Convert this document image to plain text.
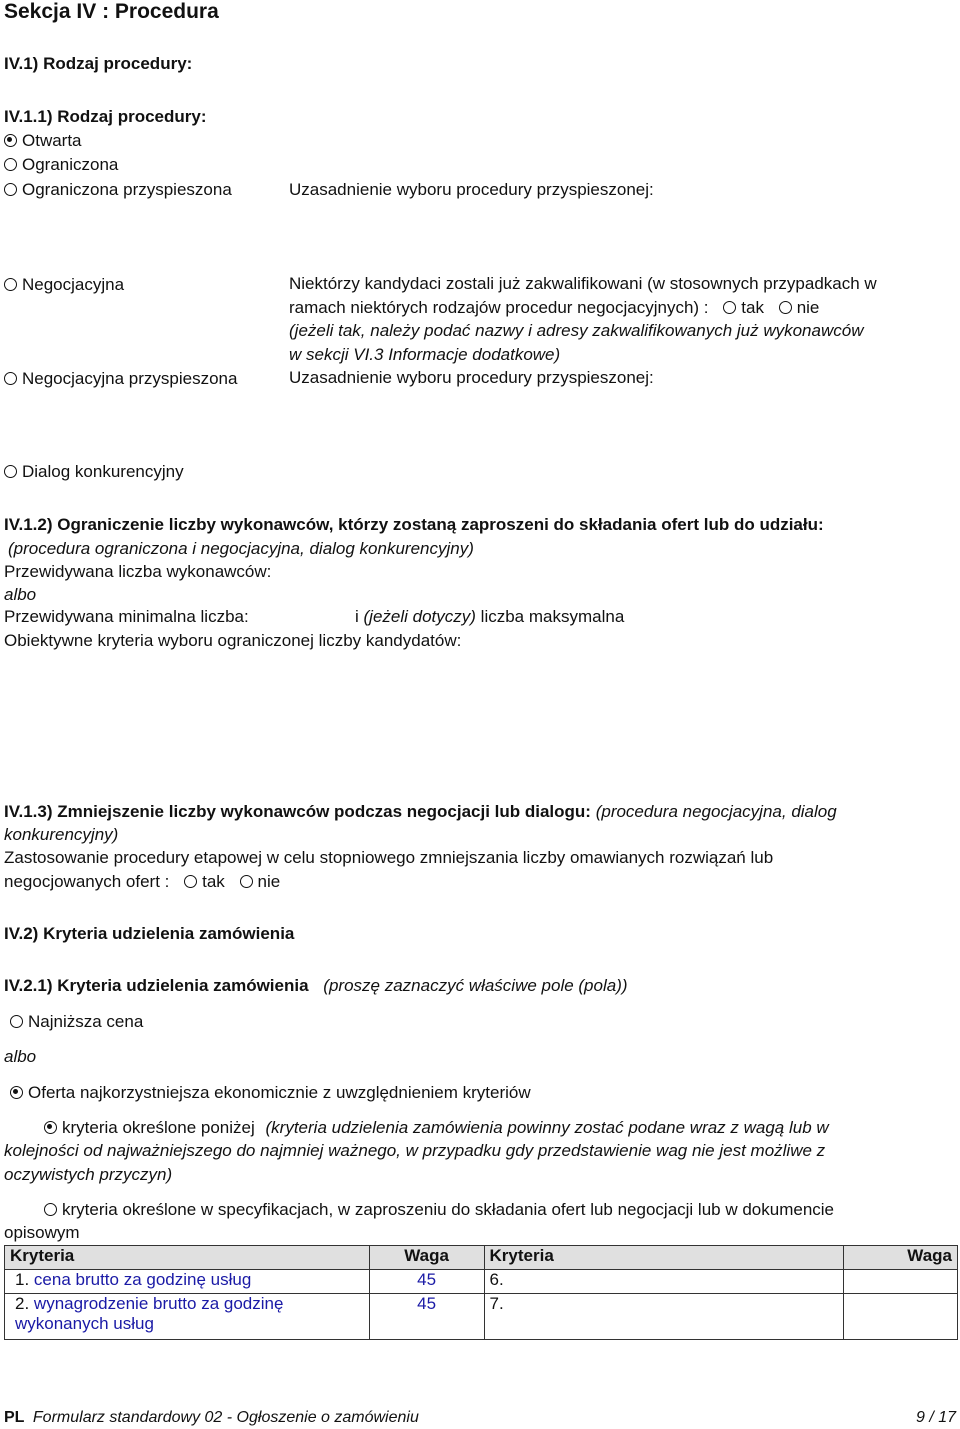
Sekcja IV : Procedura
IV.1) Rodzaj procedury:
IV.1.1) Rodzaj procedury:
Otwarta
Ograniczona
Ograniczona przyspieszona	Uzasadnienie wyboru procedury przyspieszonej:
Negocjacyjna	Niektórzy kandydaci zostali już zakwalifikowani (w stosownych przypadkach w
ramach niektórych rodzajów procedur negocjacyjnych) : tak nie
(jeżeli tak, należy podać nazwy i adresy zakwalifikowanych już wykonawców
w sekcji VI.3 Informacje dodatkowe)
Negocjacyjna przyspieszona	Uzasadnienie wyboru procedury przyspieszonej:
Dialog konkurencyjny
IV.1.2) Ograniczenie liczby wykonawców, którzy zostaną zaproszeni do składania ofert lub do udziału:
(procedura ograniczona i negocjacyjna, dialog konkurencyjny)
Przewidywana liczba wykonawców:
albo
Przewidywana minimalna liczba:	i (jeżeli dotyczy) liczba maksymalna
Obiektywne kryteria wyboru ograniczonej liczby kandydatów:
IV.1.3) Zmniejszenie liczby wykonawców podczas negocjacji lub dialogu: (procedura negocjacyjna, dialog
konkurencyjny)
Zastosowanie procedury etapowej w celu stopniowego zmniejszania liczby omawianych rozwiązań lub
negocjowanych ofert : tak nie
IV.2) Kryteria udzielenia zamówienia
IV.2.1) Kryteria udzielenia zamówienia (proszę zaznaczyć właściwe pole (pola))
Najniższa cena
albo
Oferta najkorzystniejsza ekonomicznie z uwzględnieniem kryteriów
kryteria określone poniżej (kryteria udzielenia zamówienia powinny zostać podane wraz z wagą lub w
kolejności od najważniejszego do najmniej ważnego, w przypadku gdy przedstawienie wag nie jest możliwe z
oczywistych przyczyn)
kryteria określone w specyfikacjach, w zaproszeniu do składania ofert lub negocjacji lub w dokumencie
opisowym
Kryteria	Waga	Kryteria	Waga
1. cena brutto za godzinę usług	45	6.	
2. wynagrodzenie brutto za godzinę wykonanych usług	45	7.	
PL Formularz standardowy 02 - Ogłoszenie o zamówieniu	9 / 17
